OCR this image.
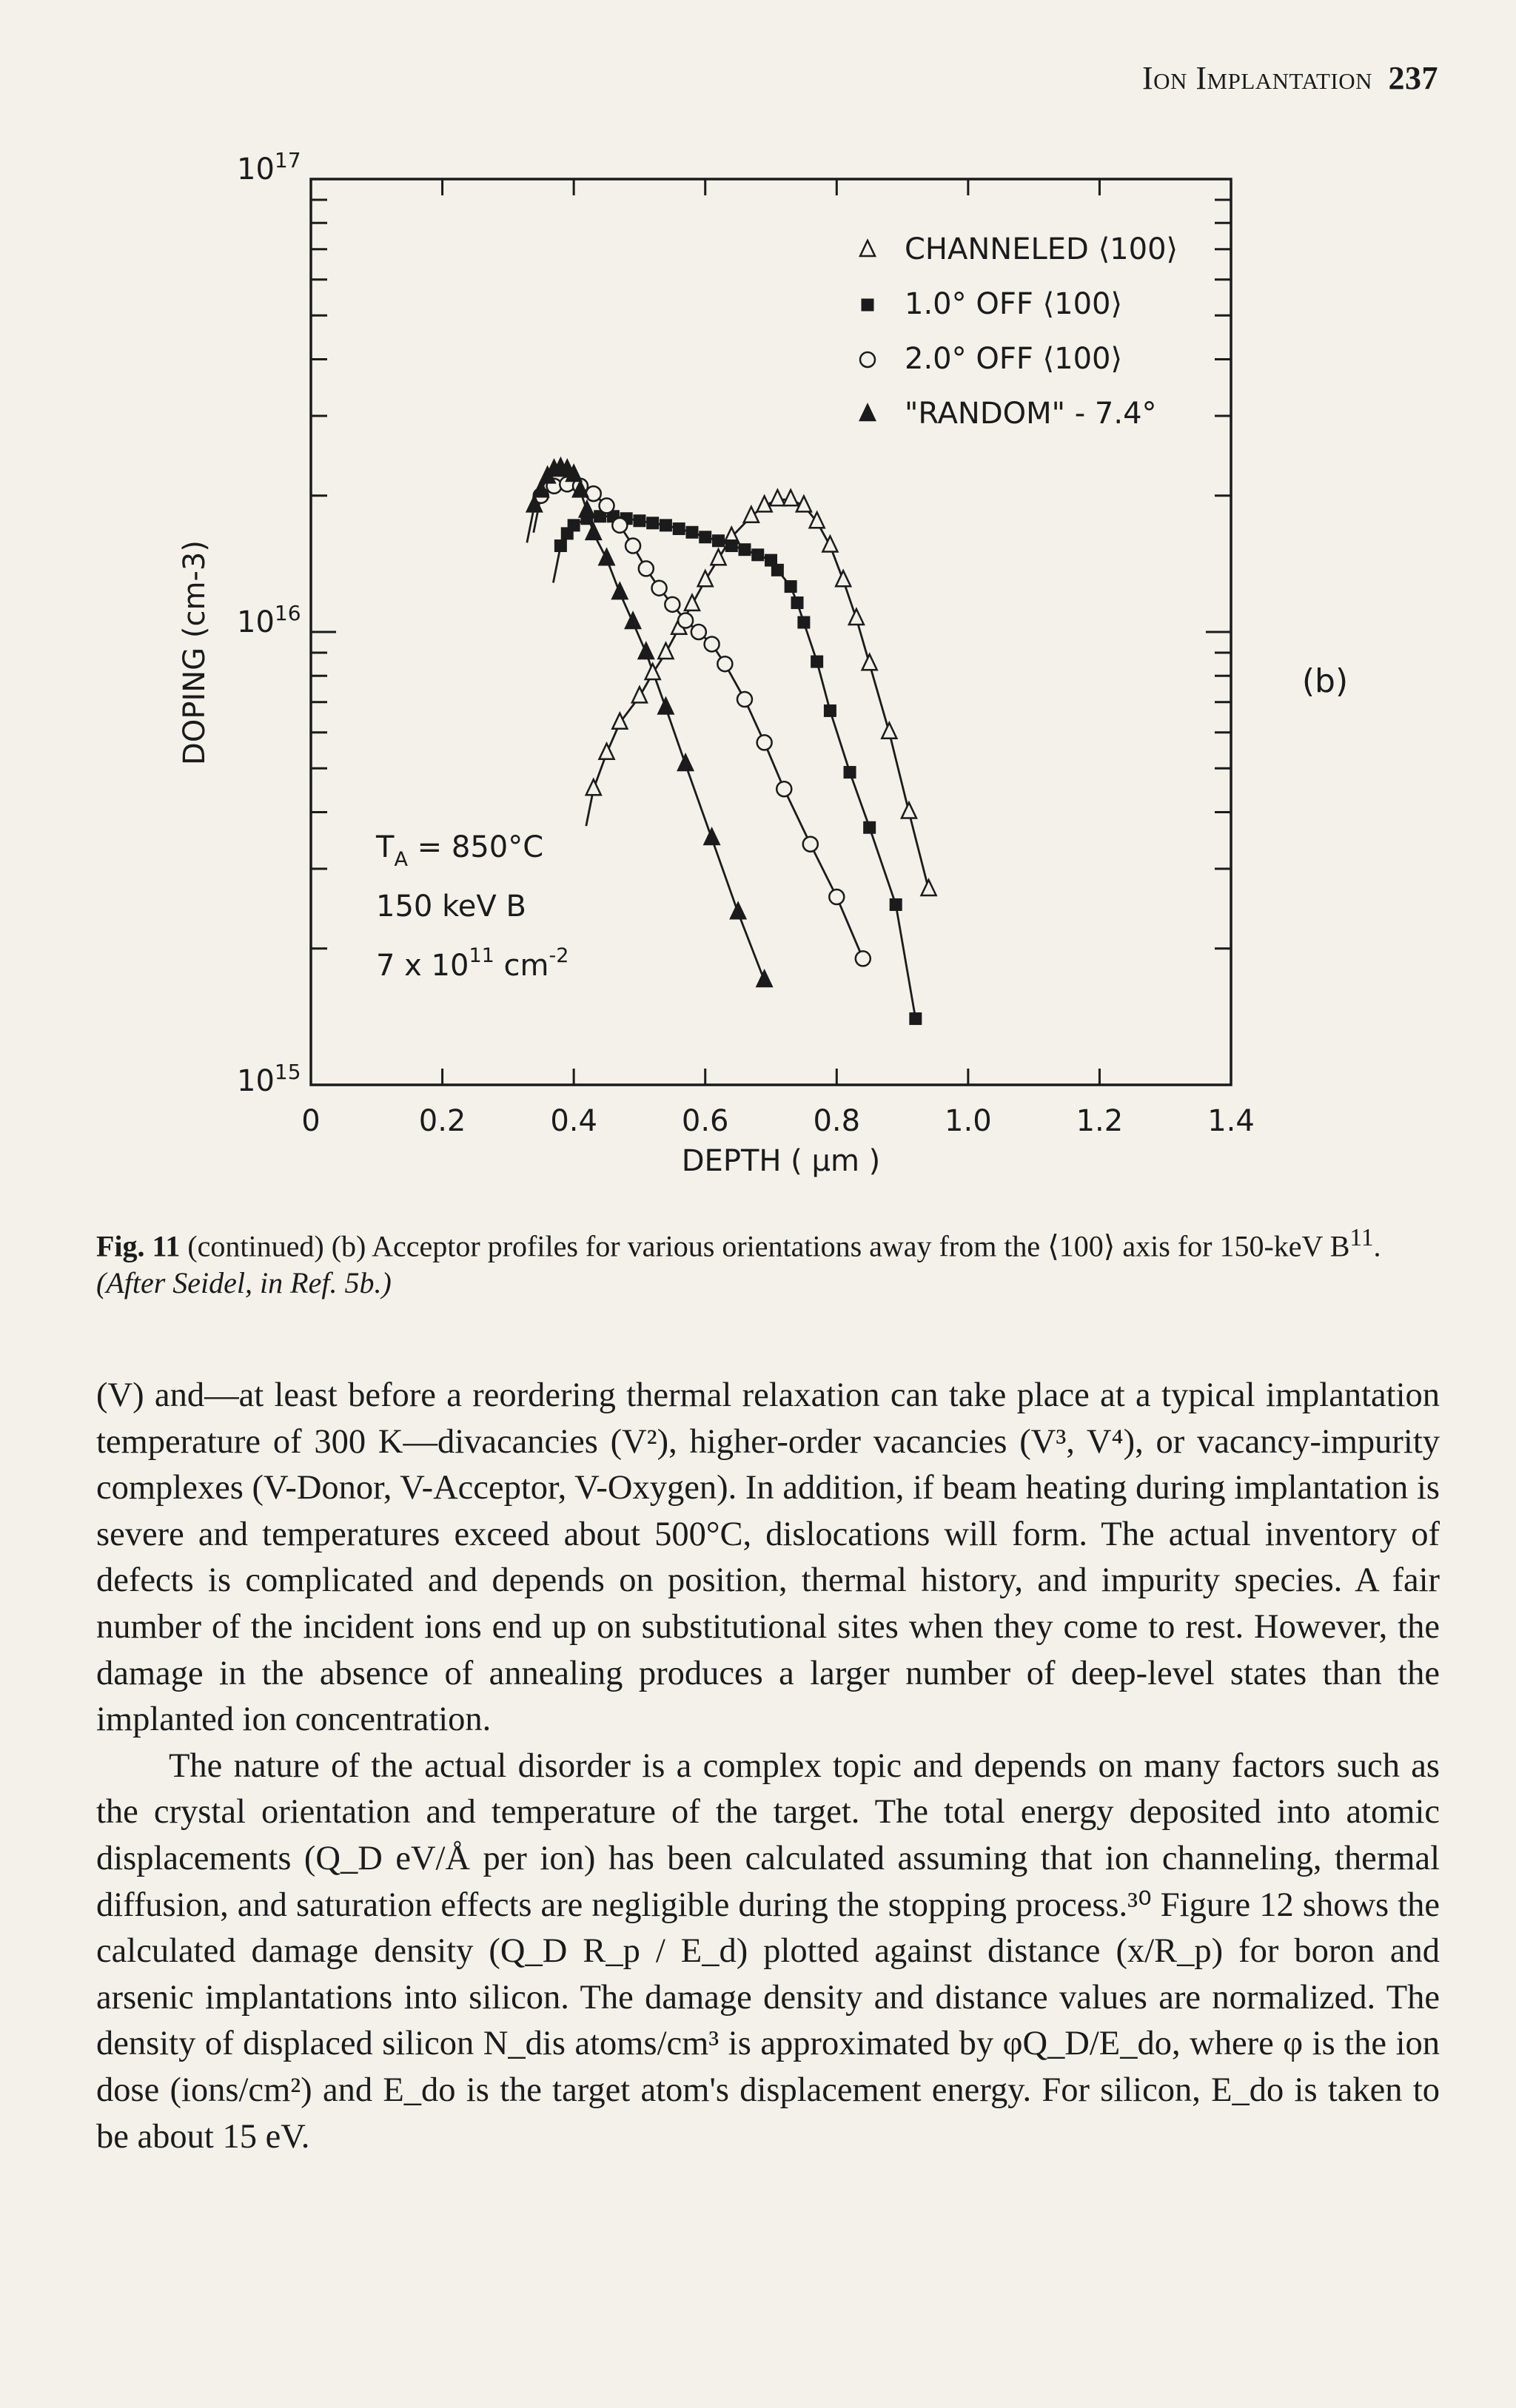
Ion Implantation 237
0	0.2	0.4	0.6	0.8	1.0	1.2	1.4
$10^{15}$
$10^{16}$
$10^{17}$
CHANNELED ⟨100⟩
1.0° OFF ⟨100⟩
2.0° OFF ⟨100⟩
"RANDOM" - 7.4°
DOPING (cm-3)
DEPTH ( μm )
(b)
$T_A = 850^\circ C$
150 keV B
7 x $10^{11}$ $cm^{-2}$
Fig. 11 (continued) (b) Acceptor profiles for various orientations away from the ⟨100⟩ axis for 150-keV $B^{11}$. (After Seidel, in Ref. 5b.)

(V) and—at least before a reordering thermal relaxation can take place at a typical implantation temperature of 300 K—divacancies (V²), higher-order vacancies (V³, V⁴), or vacancy-impurity complexes (V-Donor, V-Acceptor, V-Oxygen). In addition, if beam heating during implantation is severe and temperatures exceed about 500°C, dislocations will form. The actual inventory of defects is complicated and depends on position, thermal history, and impurity species. A fair number of the incident ions end up on substitutional sites when they come to rest. However, the damage in the absence of annealing produces a larger number of deep-level states than the implanted ion concentration.

The nature of the actual disorder is a complex topic and depends on many factors such as the crystal orientation and temperature of the target. The total energy deposited into atomic displacements (Q_D eV/Å per ion) has been calculated assuming that ion channeling, thermal diffusion, and saturation effects are negligible during the stopping process.³⁰ Figure 12 shows the calculated damage density (Q_D R_p / E_d) plotted against distance (x/R_p) for boron and arsenic implantations into silicon. The damage density and distance values are normalized. The density of displaced silicon N_dis atoms/cm³ is approximated by φQ_D/E_do, where φ is the ion dose (ions/cm²) and E_do is the target atom's displacement energy. For silicon, E_do is taken to be about 15 eV.
